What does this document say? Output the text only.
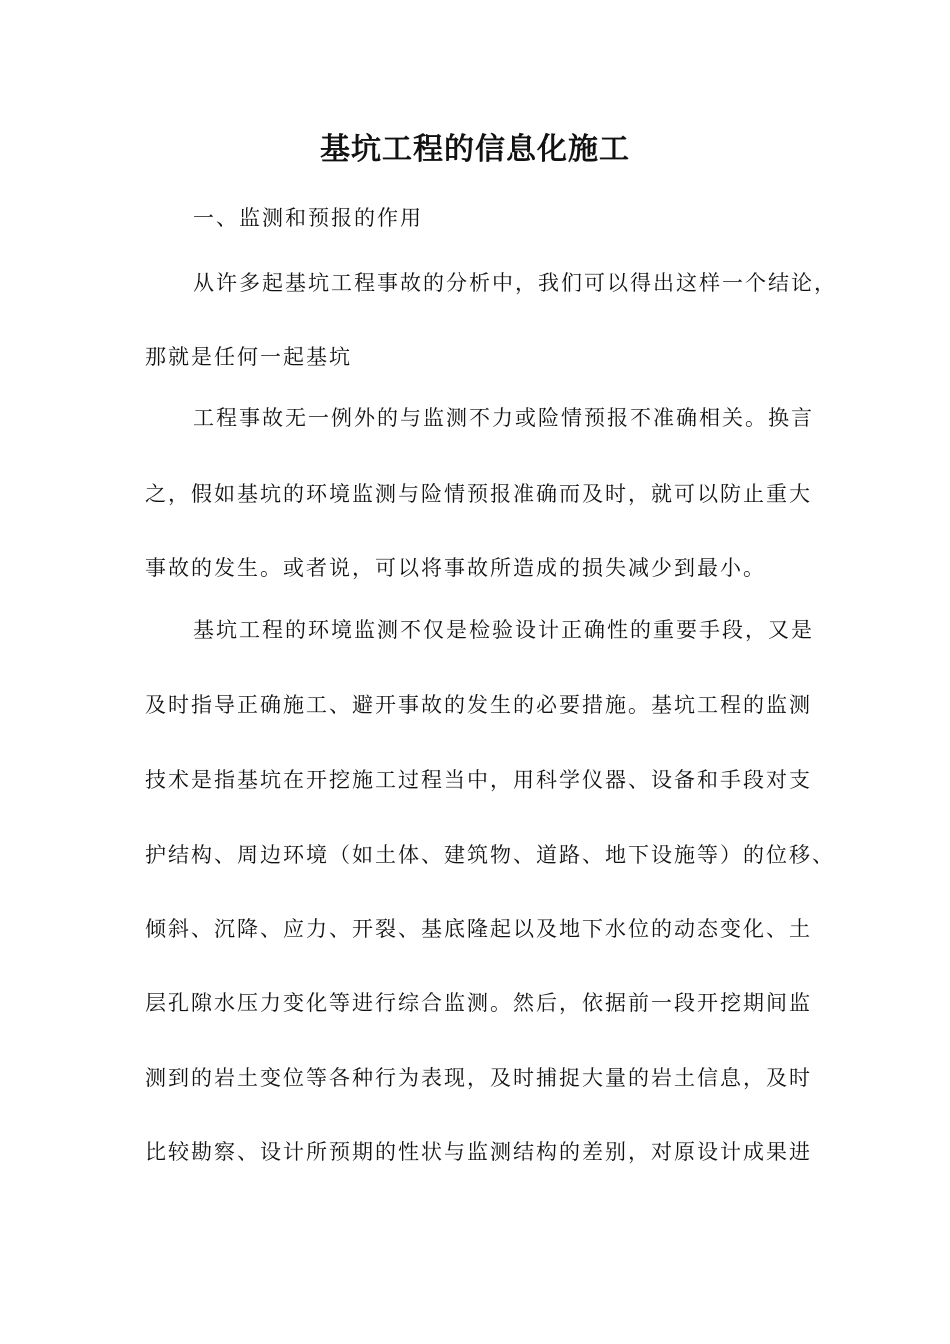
基坑工程的信息化施工
一、监测和预报的作用
从许多起基坑工程事故的分析中，我们可以得出这样一个结论，
那就是任何一起基坑
工程事故无一例外的与监测不力或险情预报不准确相关。换言
之，假如基坑的环境监测与险情预报准确而及时，就可以防止重大
事故的发生。或者说，可以将事故所造成的损失减少到最小。
基坑工程的环境监测不仅是检验设计正确性的重要手段，又是
及时指导正确施工、避开事故的发生的必要措施。基坑工程的监测
技术是指基坑在开挖施工过程当中，用科学仪器、设备和手段对支
护结构、周边环境（如土体、建筑物、道路、地下设施等）的位移、
倾斜、沉降、应力、开裂、基底隆起以及地下水位的动态变化、土
层孔隙水压力变化等进行综合监测。然后，依据前一段开挖期间监
测到的岩土变位等各种行为表现，及时捕捉大量的岩土信息，及时
比较勘察、设计所预期的性状与监测结构的差别，对原设计成果进
